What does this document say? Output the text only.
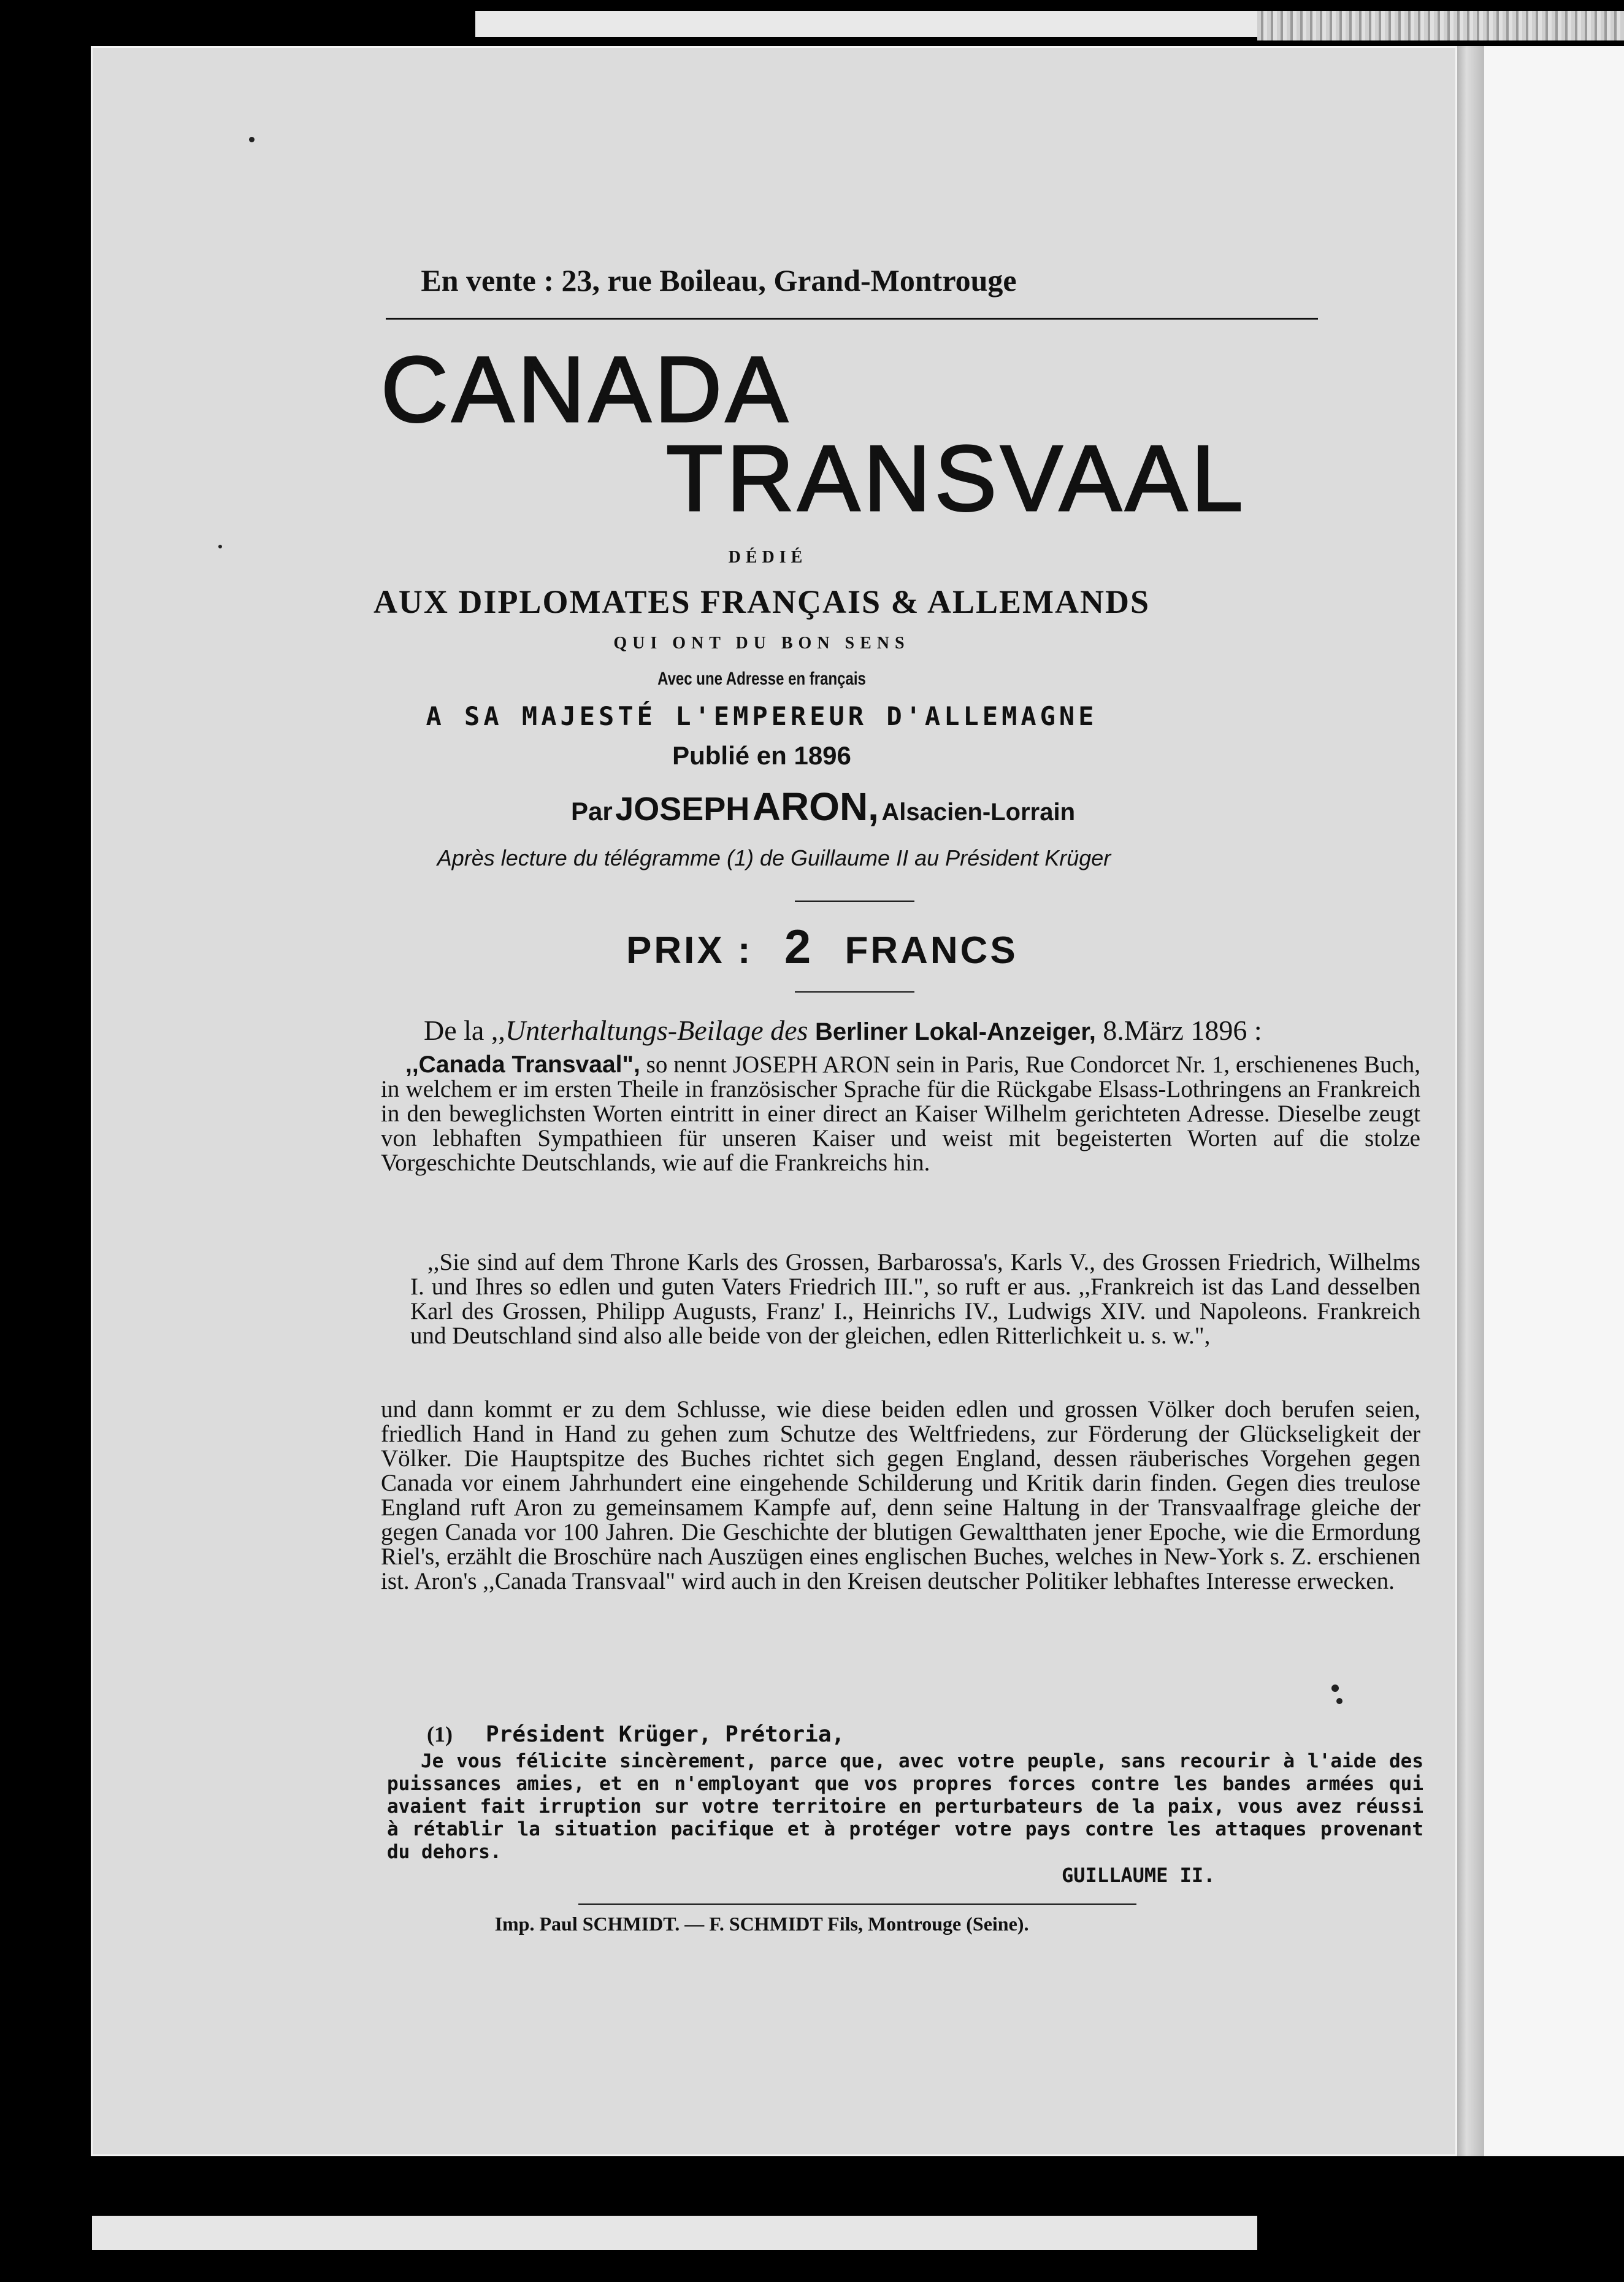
En vente : 23, rue Boileau, Grand-Montrouge
CANADA
TRANSVAAL
DÉDIÉ
AUX DIPLOMATES FRANÇAIS & ALLEMANDS
QUI ONT DU BON SENS
Avec une Adresse en français
A SA MAJESTÉ L'EMPEREUR D'ALLEMAGNE
Publié en 1896
Par JOSEPH ARON, Alsacien-Lorrain
Après lecture du télégramme (1) de Guillaume II au Président Krüger
PRIX : 2 FRANCS
De la ,,Unterhaltungs-Beilage des Berliner Lokal-Anzeiger, 8.März 1896 :
,,Canada Transvaal", so nennt JOSEPH ARON sein in Paris, Rue Condorcet Nr. 1, erschienenes Buch, in welchem er im ersten Theile in französischer Sprache für die Rückgabe Elsass-Lothringens an Frankreich in den beweglichsten Worten eintritt in einer direct an Kaiser Wilhelm gerichteten Adresse. Dieselbe zeugt von lebhaften Sympathieen für unseren Kaiser und weist mit begeisterten Worten auf die stolze Vorgeschichte Deutschlands, wie auf die Frankreichs hin.
,,Sie sind auf dem Throne Karls des Grossen, Barbarossa's, Karls V., des Grossen Friedrich, Wilhelms I. und Ihres so edlen und guten Vaters Friedrich III.", so ruft er aus. ,,Frankreich ist das Land desselben Karl des Grossen, Philipp Augusts, Franz' I., Heinrichs IV., Ludwigs XIV. und Napoleons. Frankreich und Deutschland sind also alle beide von der gleichen, edlen Ritterlichkeit u. s. w.",
und dann kommt er zu dem Schlusse, wie diese beiden edlen und grossen Völker doch berufen seien, friedlich Hand in Hand zu gehen zum Schutze des Weltfriedens, zur Förderung der Glückseligkeit der Völker. Die Hauptspitze des Buches richtet sich gegen England, dessen räuberisches Vorgehen gegen Canada vor einem Jahrhundert eine eingehende Schilderung und Kritik darin finden. Gegen dies treulose England ruft Aron zu gemeinsamem Kampfe auf, denn seine Haltung in der Transvaalfrage gleiche der gegen Canada vor 100 Jahren. Die Geschichte der blutigen Gewaltthaten jener Epoche, wie die Ermordung Riel's, erzählt die Broschüre nach Auszügen eines englischen Buches, welches in New-York s. Z. erschienen ist. Aron's ,,Canada Transvaal" wird auch in den Kreisen deutscher Politiker lebhaftes Interesse erwecken.
(1) Président Krüger, Prétoria,
Je vous félicite sincèrement, parce que, avec votre peuple, sans recourir à l'aide des puissances amies, et en n'employant que vos propres forces contre les bandes armées qui avaient fait irruption sur votre territoire en perturbateurs de la paix, vous avez réussi à rétablir la situation pacifique et à protéger votre pays contre les attaques provenant du dehors.
GUILLAUME II.
Imp. Paul SCHMIDT. — F. SCHMIDT Fils, Montrouge (Seine).
